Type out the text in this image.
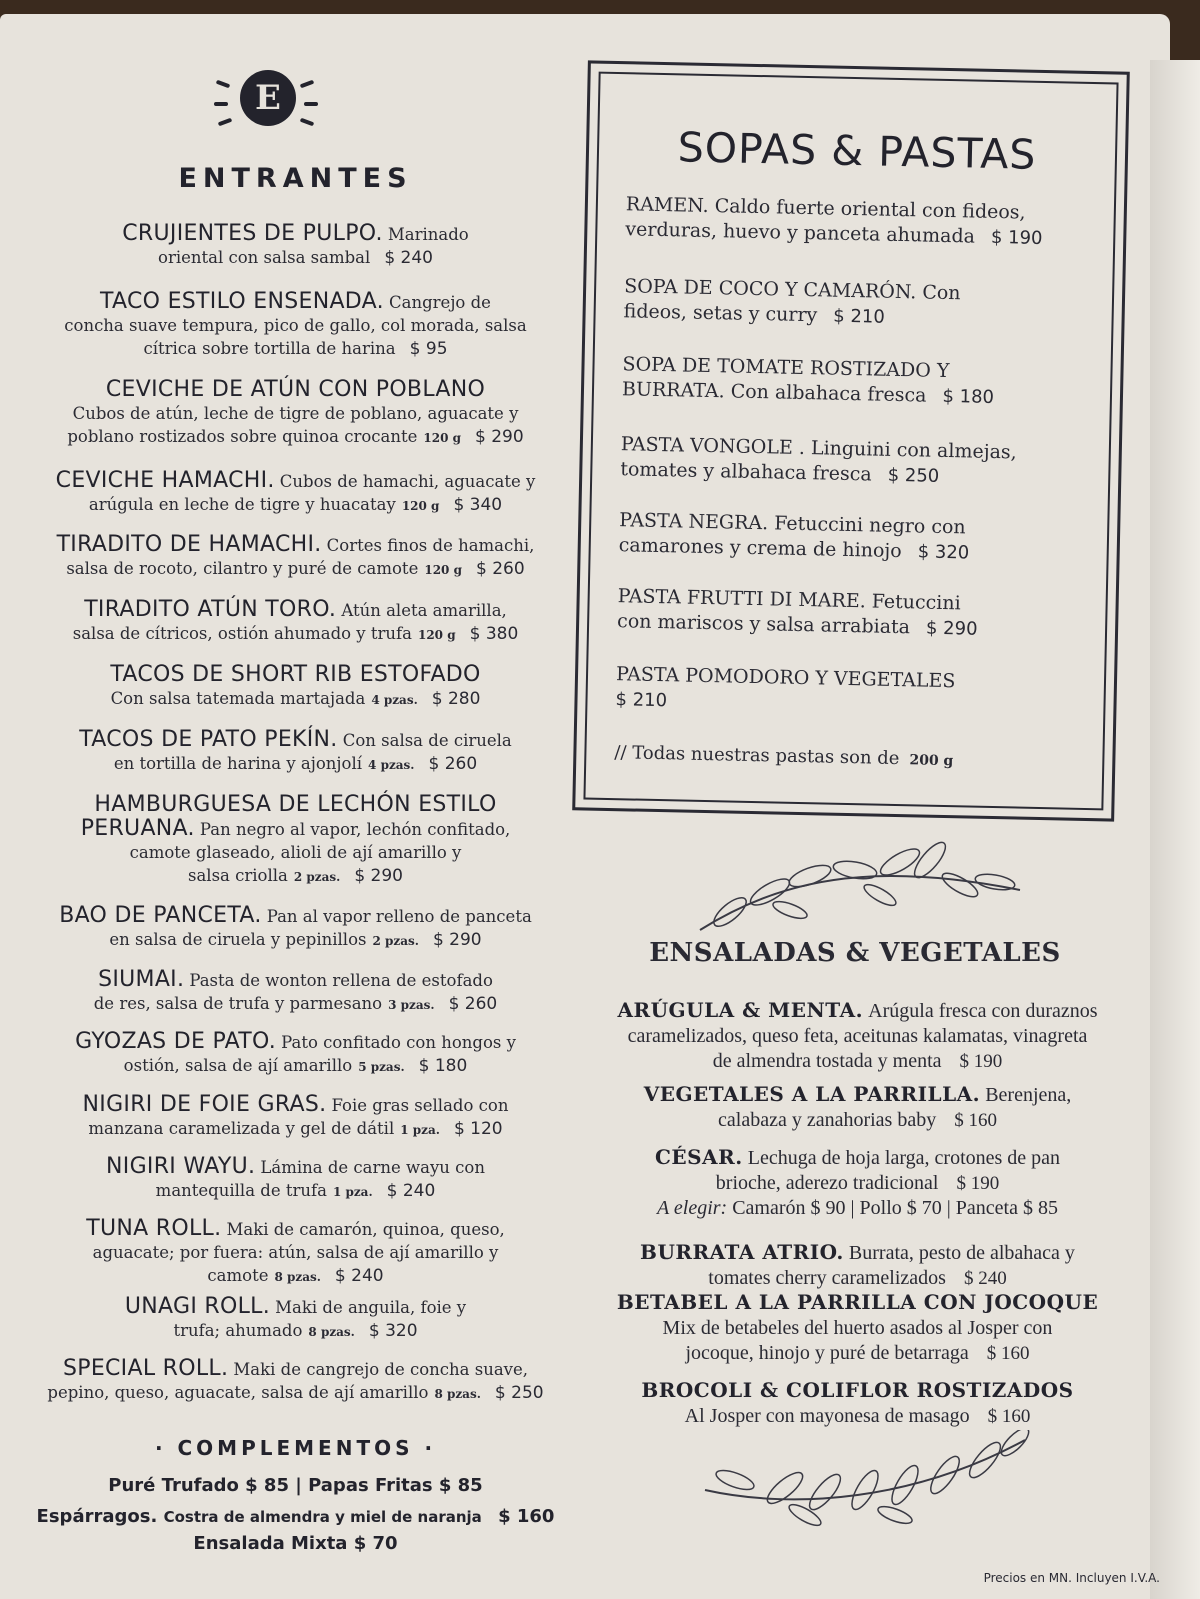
E
ENTRANTES
CRUJIENTES DE PULPO. Marinado
oriental con salsa sambal $ 240
TACO ESTILO ENSENADA. Cangrejo de
concha suave tempura, pico de gallo, col morada, salsa
cítrica sobre tortilla de harina $ 95
CEVICHE DE ATÚN CON POBLANO
Cubos de atún, leche de tigre de poblano, aguacate y
poblano rostizados sobre quinoa crocante 120 g $ 290
CEVICHE HAMACHI. Cubos de hamachi, aguacate y
arúgula en leche de tigre y huacatay 120 g $ 340
TIRADITO DE HAMACHI. Cortes finos de hamachi,
salsa de rocoto, cilantro y puré de camote 120 g $ 260
TIRADITO ATÚN TORO. Atún aleta amarilla,
salsa de cítricos, ostión ahumado y trufa 120 g $ 380
TACOS DE SHORT RIB ESTOFADO
Con salsa tatemada martajada 4 pzas. $ 280
TACOS DE PATO PEKÍN. Con salsa de ciruela
en tortilla de harina y ajonjolí 4 pzas. $ 260
HAMBURGUESA DE LECHÓN ESTILO
PERUANA. Pan negro al vapor, lechón confitado,
camote glaseado, alioli de ají amarillo y
salsa criolla 2 pzas. $ 290
BAO DE PANCETA. Pan al vapor relleno de panceta
en salsa de ciruela y pepinillos 2 pzas. $ 290
SIUMAI. Pasta de wonton rellena de estofado
de res, salsa de trufa y parmesano 3 pzas. $ 260
GYOZAS DE PATO. Pato confitado con hongos y
ostión, salsa de ají amarillo 5 pzas. $ 180
NIGIRI DE FOIE GRAS. Foie gras sellado con
manzana caramelizada y gel de dátil 1 pza. $ 120
NIGIRI WAYU. Lámina de carne wayu con
mantequilla de trufa 1 pza. $ 240
TUNA ROLL. Maki de camarón, quinoa, queso,
aguacate; por fuera: atún, salsa de ají amarillo y
camote 8 pzas. $ 240
UNAGI ROLL. Maki de anguila, foie y
trufa; ahumado 8 pzas. $ 320
SPECIAL ROLL. Maki de cangrejo de concha suave,
pepino, queso, aguacate, salsa de ají amarillo 8 pzas. $ 250
· COMPLEMENTOS ·
Puré Trufado $ 85 | Papas Fritas $ 85
Espárragos. Costra de almendra y miel de naranja $ 160
Ensalada Mixta $ 70
SOPAS & PASTAS
RAMEN. Caldo fuerte oriental con fideos,
verduras, huevo y panceta ahumada $ 190
SOPA DE COCO Y CAMARÓN. Con
fideos, setas y curry $ 210
SOPA DE TOMATE ROSTIZADO Y
BURRATA. Con albahaca fresca $ 180
PASTA VONGOLE . Linguini con almejas,
tomates y albahaca fresca $ 250
PASTA NEGRA. Fetuccini negro con
camarones y crema de hinojo $ 320
PASTA FRUTTI DI MARE. Fetuccini
con mariscos y salsa arrabiata $ 290
PASTA POMODORO Y VEGETALES
$ 210
// Todas nuestras pastas son de 200 g
ENSALADAS & VEGETALES
ARÚGULA & MENTA. Arúgula fresca con duraznos
caramelizados, queso feta, aceitunas kalamatas, vinagreta
de almendra tostada y menta $ 190
VEGETALES A LA PARRILLA. Berenjena,
calabaza y zanahorias baby $ 160
CÉSAR. Lechuga de hoja larga, crotones de pan
brioche, aderezo tradicional $ 190
A elegir: Camarón $ 90 | Pollo $ 70 | Panceta $ 85
BURRATA ATRIO. Burrata, pesto de albahaca y
tomates cherry caramelizados $ 240
BETABEL A LA PARRILLA CON JOCOQUE
Mix de betabeles del huerto asados al Josper con
jocoque, hinojo y puré de betarraga $ 160
BROCOLI & COLIFLOR ROSTIZADOS
Al Josper con mayonesa de masago $ 160
Precios en MN. Incluyen I.V.A.
